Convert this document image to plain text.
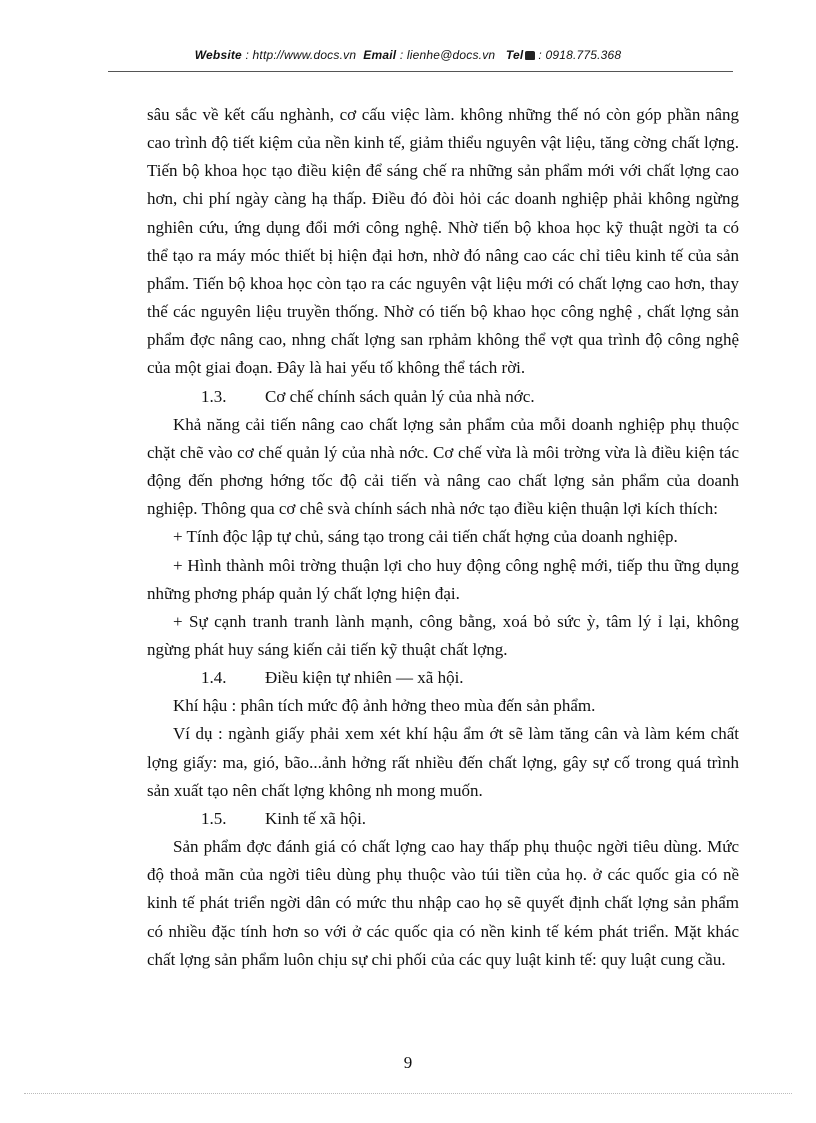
Website : http://www.docs.vn Email : lienhe@docs.vn Tel : 0918.775.368

sâu sắc về kết cấu nghành, cơ cấu việc làm. không những thế nó còn góp phần nâng cao trình độ tiết kiệm của nền kinh tế, giảm thiểu nguyên vật liệu, tăng cờng chất lợng. Tiến bộ khoa học tạo điều kiện để sáng chế ra những sản phẩm mới với chất lợng cao hơn, chi phí ngày càng hạ thấp. Điều đó đòi hỏi các doanh nghiệp phải không ngừng nghiên cứu, ứng dụng đổi mới công nghệ. Nhờ tiến bộ khoa học kỹ thuật ngời ta có thể tạo ra máy móc thiết bị hiện đại hơn, nhờ đó nâng cao các chỉ tiêu kinh tế của sản phẩm. Tiến bộ khoa học còn tạo ra các nguyên vật liệu mới có chất lợng cao hơn, thay thế các nguyên liệu truyền thống. Nhờ có tiến bộ khao học công nghệ , chất lợng sản phẩm đợc nâng cao, nhng chất lợng san rphảm không thể vợt qua trình độ công nghệ của một giai đoạn. Đây là hai yếu tố không thể tách rời.

1.3. Cơ chế chính sách quản lý của nhà nớc.

Khả năng cải tiến nâng cao chất lợng sản phẩm của mỗi doanh nghiệp phụ thuộc chặt chẽ vào cơ chế quản lý của nhà nớc. Cơ chế vừa là môi trờng vừa là điều kiện tác động đến phơng hớng tốc độ cải tiến và nâng cao chất lợng sản phẩm của doanh nghiệp. Thông qua cơ chê svà chính sách nhà nớc tạo điều kiện thuận lợi kích thích:

+ Tính độc lập tự chủ, sáng tạo trong cải tiến chất hợng của doanh nghiệp.

+ Hình thành môi trờng thuận lợi cho huy động công nghệ mới, tiếp thu ững dụng những phơng pháp quản lý chất lợng hiện đại.

+ Sự cạnh tranh tranh lành mạnh, công bằng, xoá bỏ sức ỳ, tâm lý ỉ lại, không ngừng phát huy sáng kiến cải tiến kỹ thuật chất lợng.

1.4. Điều kiện tự nhiên — xã hội.

Khí hậu : phân tích mức độ ảnh hởng theo mùa đến sản phẩm.

Ví dụ : ngành giấy phải xem xét khí hậu ẩm ớt sẽ làm tăng cân và làm kém chất lợng giấy: ma, gió, bão...ảnh hởng rất nhiều đến chất lợng, gây sự cố trong quá trình sản xuất tạo nên chất lợng không nh mong muốn.

1.5. Kinh tế xã hội.

Sản phẩm đợc đánh giá có chất lợng cao hay thấp phụ thuộc ngời tiêu dùng. Mức độ thoả mãn của ngời tiêu dùng phụ thuộc vào túi tiền của họ. ở các quốc gia có nề kinh tế phát triển ngời dân có mức thu nhập cao họ sẽ quyết định chất lợng sản phẩm có nhiều đặc tính hơn so với ở các quốc qia có nền kinh tế kém phát triển. Mặt khác chất lợng sản phẩm luôn chịu sự chi phối của các quy luật kinh tế: quy luật cung cầu.

9
